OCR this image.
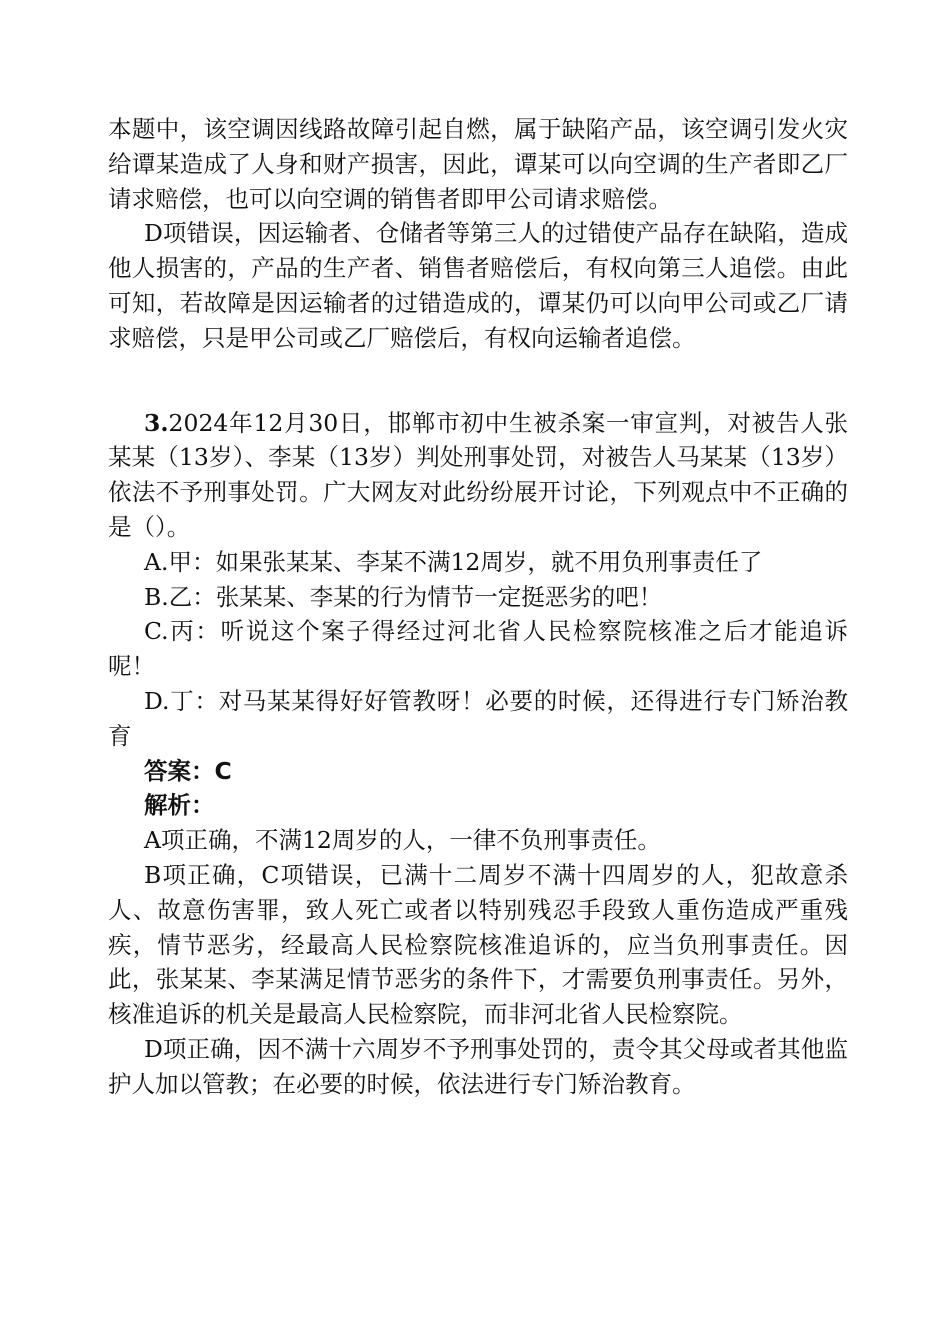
本题中，该空调因线路故障引起自燃，属于缺陷产品，该空调引发火灾给谭某造成了人身和财产损害，因此，谭某可以向空调的生产者即乙厂请求赔偿，也可以向空调的销售者即甲公司请求赔偿。

D项错误，因运输者、仓储者等第三人的过错使产品存在缺陷，造成他人损害的，产品的生产者、销售者赔偿后，有权向第三人追偿。由此可知，若故障是因运输者的过错造成的，谭某仍可以向甲公司或乙厂请求赔偿，只是甲公司或乙厂赔偿后，有权向运输者追偿。

3.2024年12月30日，邯郸市初中生被杀案一审宣判，对被告人张某某（13岁）、李某（13岁）判处刑事处罚，对被告人马某某（13岁）依法不予刑事处罚。广大网友对此纷纷展开讨论，下列观点中不正确的是（）。

A.甲：如果张某某、李某不满12周岁，就不用负刑事责任了

B.乙：张某某、李某的行为情节一定挺恶劣的吧！

C.丙：听说这个案子得经过河北省人民检察院核准之后才能追诉呢！

D.丁：对马某某得好好管教呀！必要的时候，还得进行专门矫治教育

答案：C

解析：

A项正确，不满12周岁的人，一律不负刑事责任。

B项正确，C项错误，已满十二周岁不满十四周岁的人，犯故意杀人、故意伤害罪，致人死亡或者以特别残忍手段致人重伤造成严重残疾，情节恶劣，经最高人民检察院核准追诉的，应当负刑事责任。因此，张某某、李某满足情节恶劣的条件下，才需要负刑事责任。另外，核准追诉的机关是最高人民检察院，而非河北省人民检察院。

D项正确，因不满十六周岁不予刑事处罚的，责令其父母或者其他监护人加以管教；在必要的时候，依法进行专门矫治教育。
